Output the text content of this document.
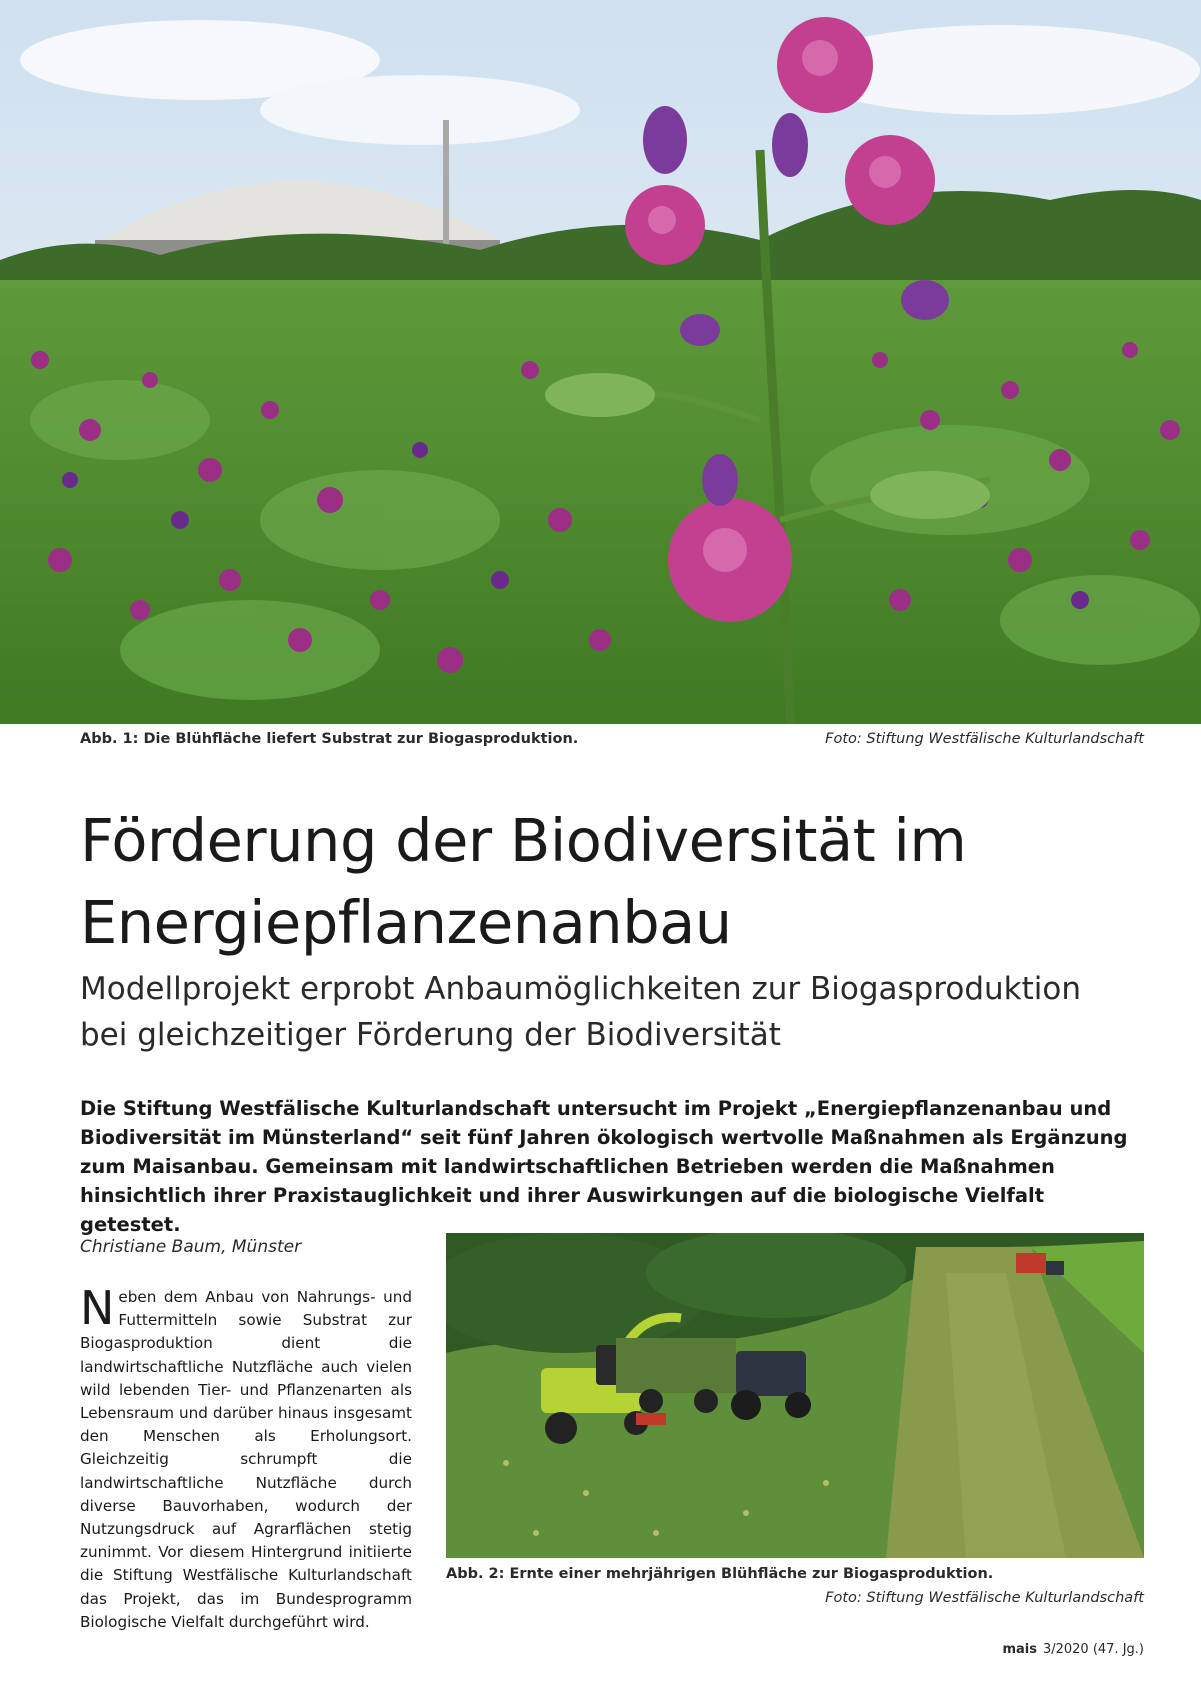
Abb. 1: Die Blühfläche liefert Substrat zur Biogasproduktion.	Foto: Stiftung Westfälische Kulturlandschaft
Förderung der Biodiversität im
Energiepflanzenanbau
Modellprojekt erprobt Anbaumöglichkeiten zur Biogasproduktion
bei gleichzeitiger Förderung der Biodiversität

Die Stiftung Westfälische Kulturlandschaft untersucht im Projekt „Energiepflanzenanbau und Biodiversität im Münsterland“ seit fünf Jahren ökologisch wertvolle Maßnahmen als Ergänzung zum Maisanbau. Gemeinsam mit landwirtschaftlichen Betrieben werden die Maßnahmen hinsichtlich ihrer Praxistauglichkeit und ihrer Auswirkungen auf die biologische Vielfalt getestet.

Christiane Baum, Münster

Neben dem Anbau von Nahrungs- und Futtermitteln sowie Substrat zur Biogasproduktion dient die landwirtschaftliche Nutzfläche auch vielen wild lebenden Tier- und Pflanzenarten als Lebensraum und darüber hinaus insgesamt den Menschen als Erholungsort. Gleichzeitig schrumpft die landwirtschaftliche Nutzfläche durch diverse Bauvorhaben, wodurch der Nutzungsdruck auf Agrarflächen stetig zunimmt. Vor diesem Hintergrund initiierte die Stiftung Westfälische Kulturlandschaft das Projekt, das im Bundesprogramm Biologische Vielfalt durchgeführt wird.

Abb. 2: Ernte einer mehrjährigen Blühfläche zur Biogasproduktion.
Foto: Stiftung Westfälische Kulturlandschaft
mais 3/2020 (47. Jg.)
